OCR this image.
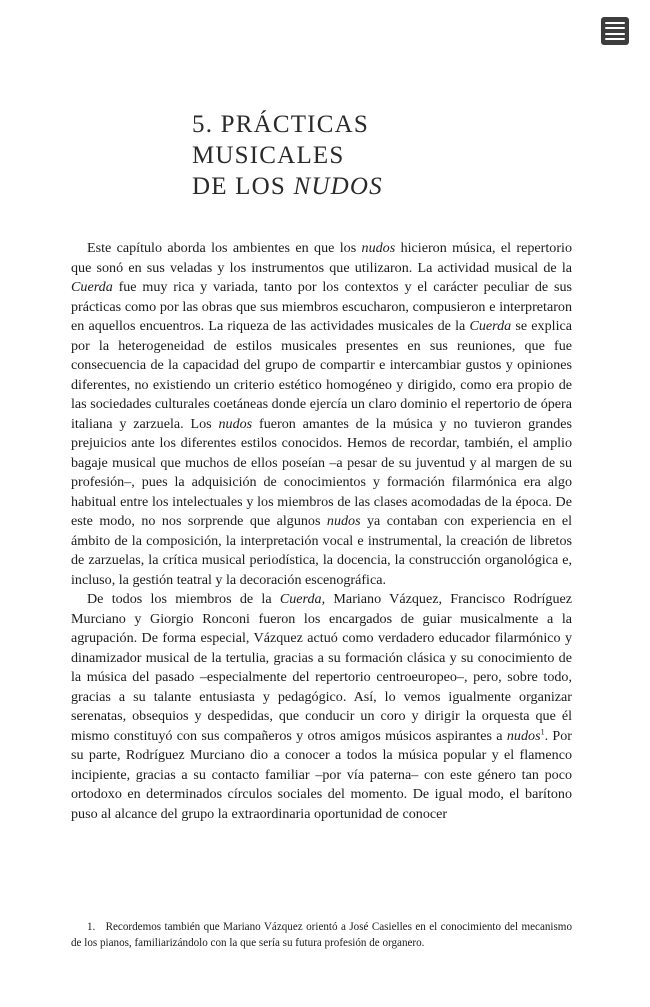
5. PRÁCTICAS
MUSICALES
DE LOS NUDOS

Este capítulo aborda los ambientes en que los nudos hicieron música, el repertorio que sonó en sus veladas y los instrumentos que utilizaron. La actividad musical de la Cuerda fue muy rica y variada, tanto por los contextos y el carácter peculiar de sus prácticas como por las obras que sus miembros escucharon, compusieron e interpretaron en aquellos encuentros. La riqueza de las actividades musicales de la Cuerda se explica por la heterogeneidad de estilos musicales presentes en sus reuniones, que fue consecuencia de la capacidad del grupo de compartir e intercambiar gustos y opiniones diferentes, no existiendo un criterio estético homogéneo y dirigido, como era propio de las sociedades culturales coetáneas donde ejercía un claro dominio el repertorio de ópera italiana y zarzuela. Los nudos fueron amantes de la música y no tuvieron grandes prejuicios ante los diferentes estilos conocidos. Hemos de recordar, también, el amplio bagaje musical que muchos de ellos poseían –a pesar de su juventud y al margen de su profesión–, pues la adquisición de conocimientos y formación filarmónica era algo habitual entre los intelectuales y los miembros de las clases acomodadas de la época. De este modo, no nos sorprende que algunos nudos ya contaban con experiencia en el ámbito de la composición, la interpretación vocal e instrumental, la creación de libretos de zarzuelas, la crítica musical periodística, la docencia, la construcción organológica e, incluso, la gestión teatral y la decoración escenográfica.

De todos los miembros de la Cuerda, Mariano Vázquez, Francisco Rodríguez Murciano y Giorgio Ronconi fueron los encargados de guiar musicalmente a la agrupación. De forma especial, Vázquez actuó como verdadero educador filarmónico y dinamizador musical de la tertulia, gracias a su formación clásica y su conocimiento de la música del pasado –especialmente del repertorio centroeuropeo–, pero, sobre todo, gracias a su talante entusiasta y pedagógico. Así, lo vemos igualmente organizar serenatas, obsequios y despedidas, que conducir un coro y dirigir la orquesta que él mismo constituyó con sus compañeros y otros amigos músicos aspirantes a nudos$^1$. Por su parte, Rodríguez Murciano dio a conocer a todos la música popular y el flamenco incipiente, gracias a su contacto familiar –por vía paterna– con este género tan poco ortodoxo en determinados círculos sociales del momento. De igual modo, el barítono puso al alcance del grupo la extraordinaria oportunidad de conocer

1. Recordemos también que Mariano Vázquez orientó a José Casielles en el conocimiento del mecanismo de los pianos, familiarizándolo con la que sería su futura profesión de organero.
